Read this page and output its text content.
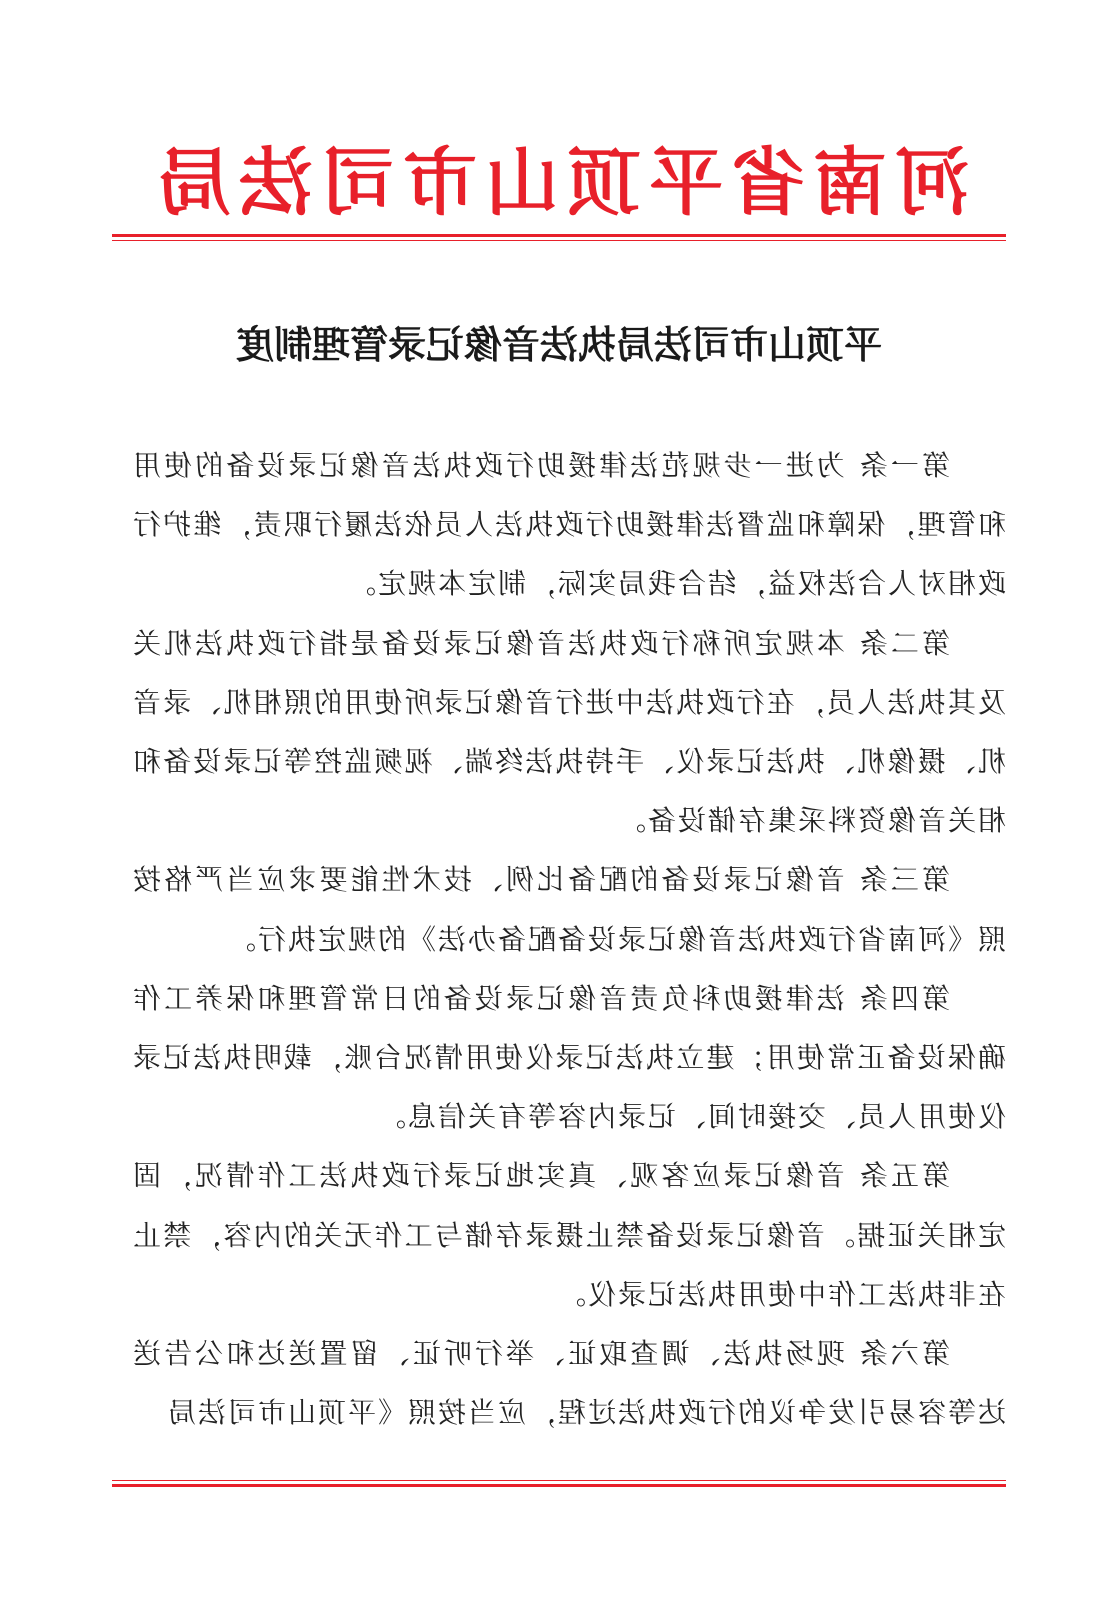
河南省平顶山市司法局
平顶山市司法局执法音像记录管理制度

第一条 为进一步规范法律援助行政执法音像记录设备的使用和管理，保障和监督法律援助行政执法人员依法履行职责，维护行政相对人合法权益，结合我局实际，制定本规定。

第二条 本规定所称行政执法音像记录设备是指行政执法机关及其执法人员，在行政执法中进行音像记录所使用的照相机、录音机、摄像机、执法记录仪、手持执法终端、视频监控等记录设备和相关音像资料采集存储设备。

第三条 音像记录设备的配备比例、技术性能要求应当严格按照《河南省行政执法音像记录设备配备办法》的规定执行。

第四条 法律援助科负责音像记录设备的日常管理和保养工作确保设备正常使用；建立执法记录仪使用情况台账，载明执法记录仪使用人员、交接时间、记录内容等有关信息。

第五条 音像记录应客观、真实地记录行政执法工作情况，固定相关证据。音像记录设备禁止摄录存储与工作无关的内容，禁止在非执法工作中使用执法记录仪。

第六条 现场执法、调查取证、举行听证、留置送达和公告送达等容易引发争议的行政执法过程，应当按照《平顶山市司法局
